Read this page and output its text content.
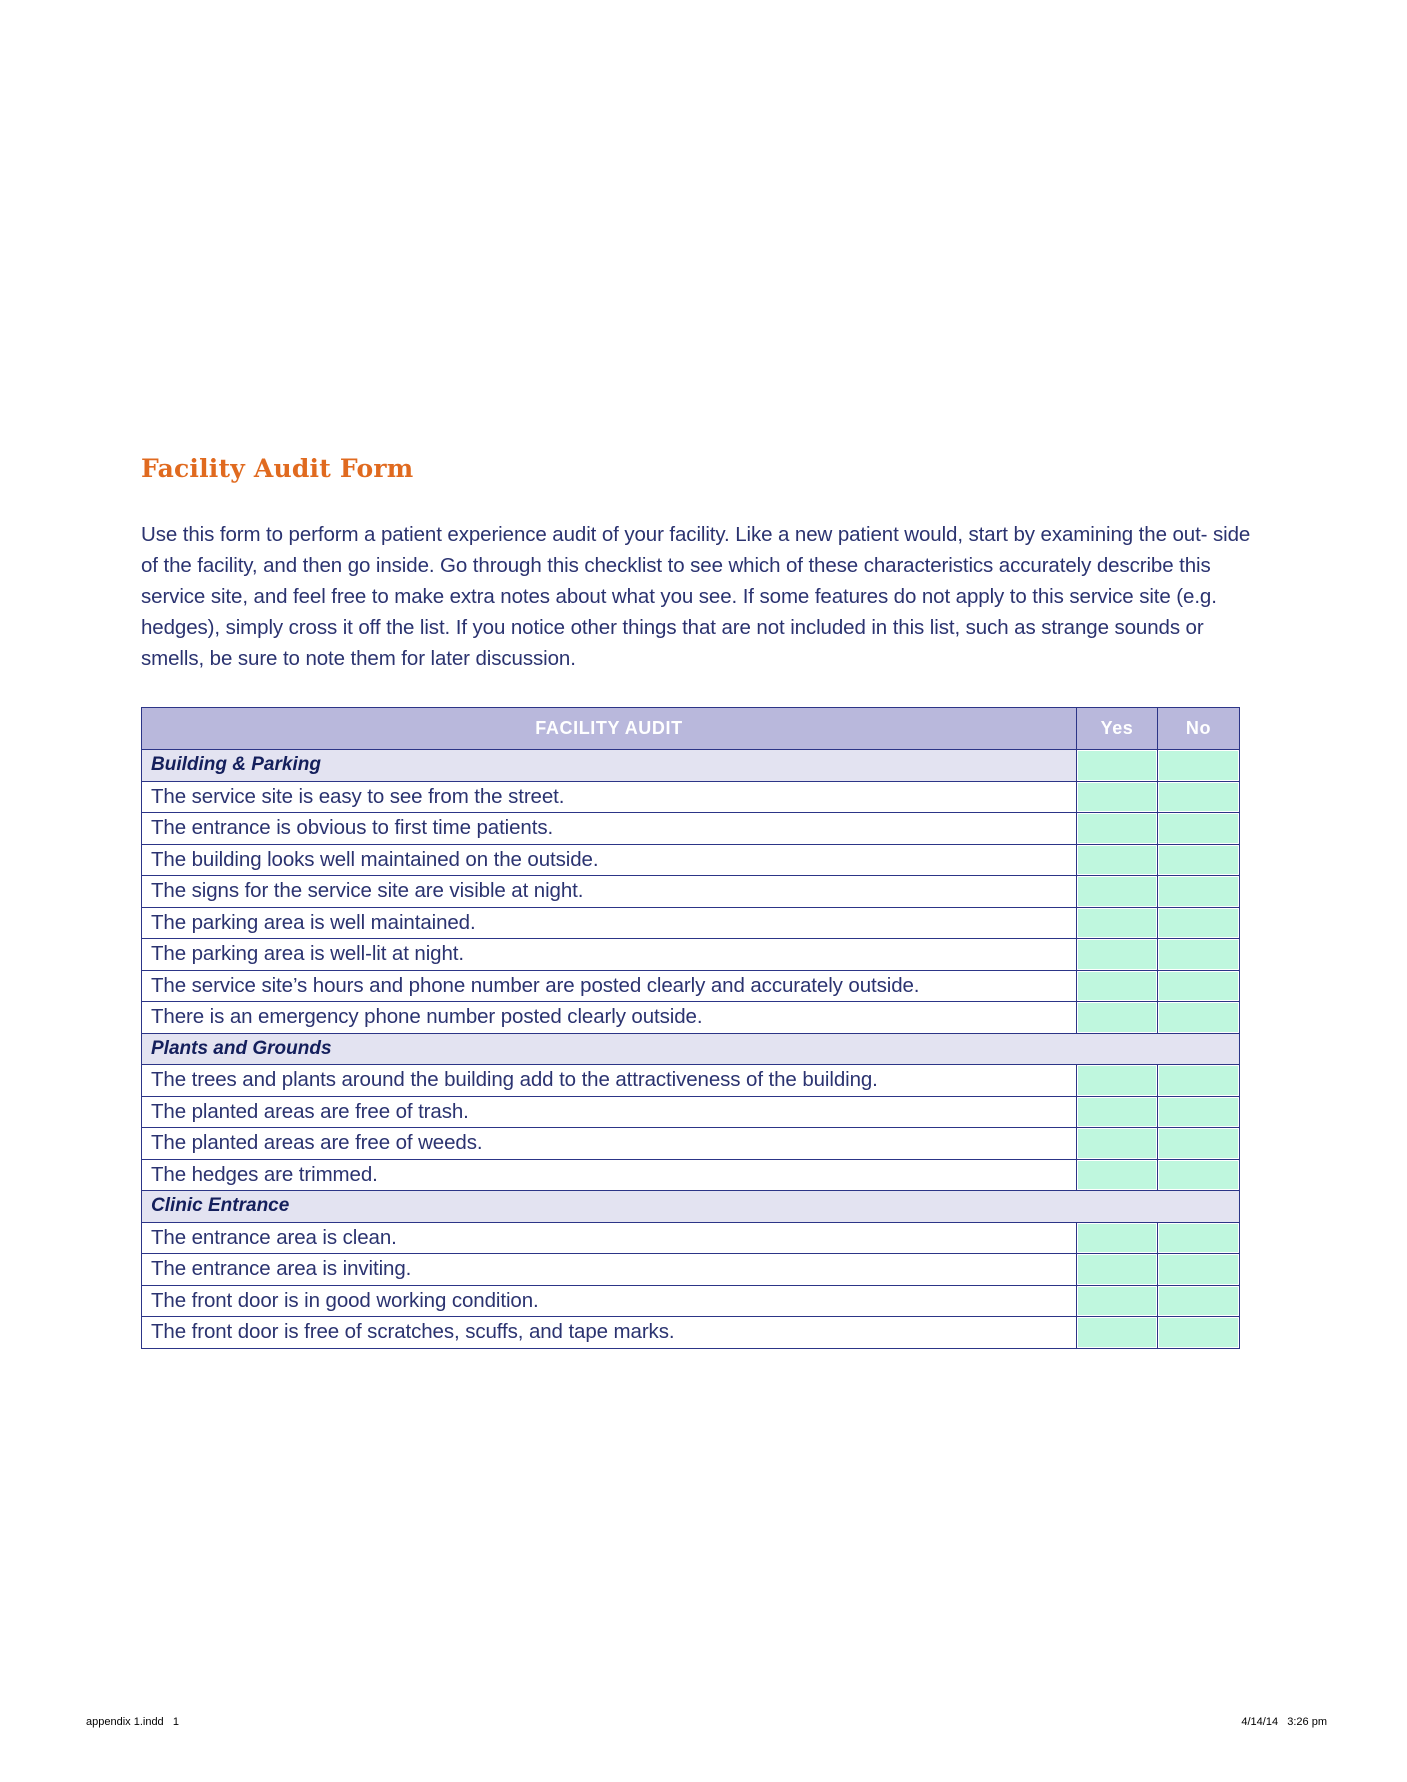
Facility Audit Form

Use this form to perform a patient experience audit of your facility. Like a new patient would, start by examining the out- side of the facility, and then go inside. Go through this checklist to see which of these characteristics accurately describe this service site, and feel free to make extra notes about what you see. If some features do not apply to this service site (e.g. hedges), simply cross it off the list. If you notice other things that are not included in this list, such as strange sounds or smells, be sure to note them for later discussion.

FACILITY AUDIT	Yes	No
Building & Parking		
The service site is easy to see from the street.		
The entrance is obvious to first time patients.		
The building looks well maintained on the outside.		
The signs for the service site are visible at night.		
The parking area is well maintained.		
The parking area is well-lit at night.		
The service site’s hours and phone number are posted clearly and accurately outside.		
There is an emergency phone number posted clearly outside.		
Plants and Grounds		
The trees and plants around the building add to the attractiveness of the building.		
The planted areas are free of trash.		
The planted areas are free of weeds.		
The hedges are trimmed.		
Clinic Entrance		
The entrance area is clean.		
The entrance area is inviting.		
The front door is in good working condition.		
The front door is free of scratches, scuffs, and tape marks.		
appendix 1.indd   1	4/14/14   3:26 pm
